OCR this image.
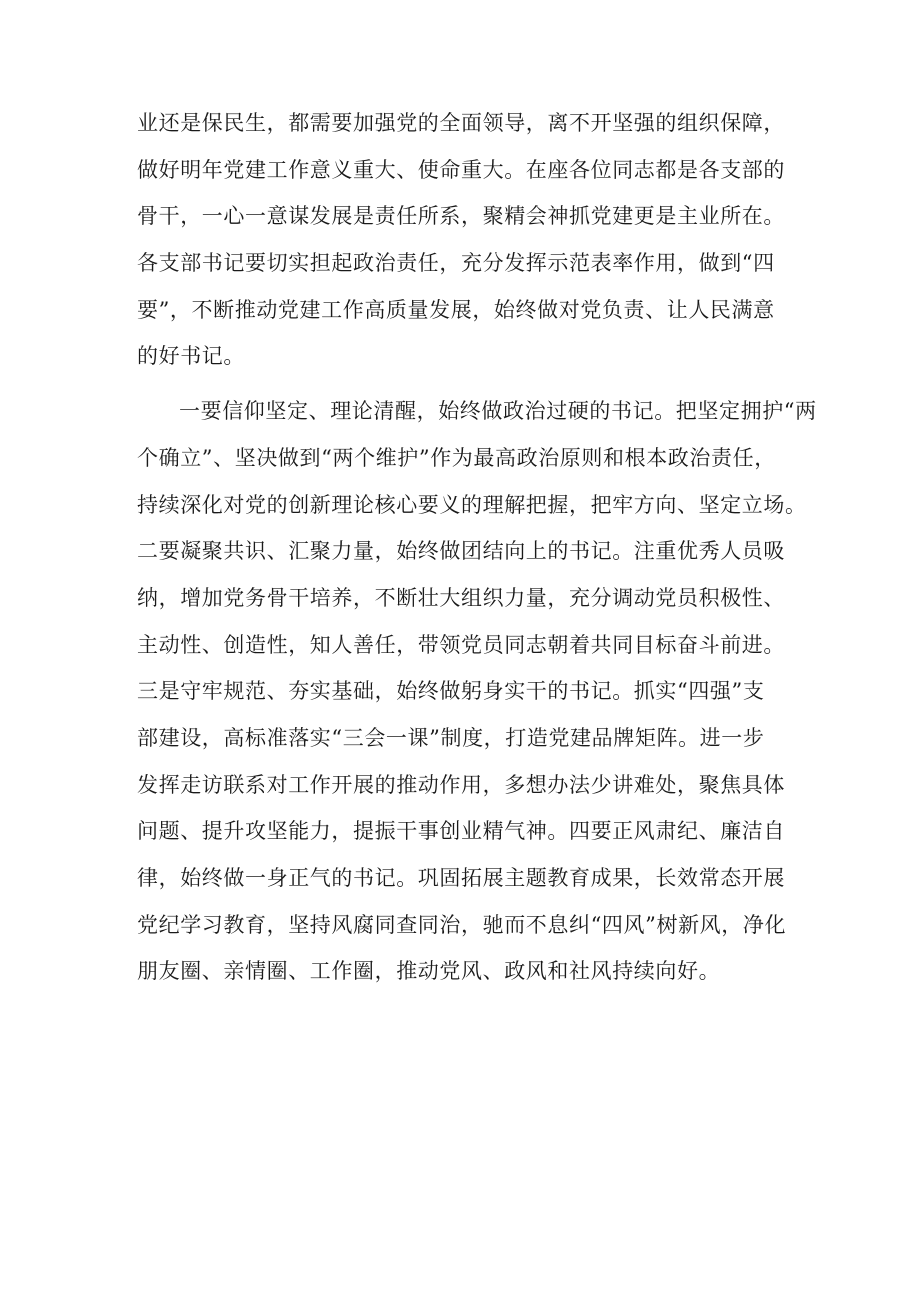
业还是保民生，都需要加强党的全面领导，离不开坚强的组织保障，
做好明年党建工作意义重大、使命重大。在座各位同志都是各支部的
骨干，一心一意谋发展是责任所系，聚精会神抓党建更是主业所在。
各支部书记要切实担起政治责任，充分发挥示范表率作用，做到“四
要”，不断推动党建工作高质量发展，始终做对党负责、让人民满意
的好书记。
一要信仰坚定、理论清醒，始终做政治过硬的书记。把坚定拥护“两
个确立”、坚决做到“两个维护”作为最高政治原则和根本政治责任，
持续深化对党的创新理论核心要义的理解把握，把牢方向、坚定立场。
二要凝聚共识、汇聚力量，始终做团结向上的书记。注重优秀人员吸
纳，增加党务骨干培养，不断壮大组织力量，充分调动党员积极性、
主动性、创造性，知人善任，带领党员同志朝着共同目标奋斗前进。
三是守牢规范、夯实基础，始终做躬身实干的书记。抓实“四强”支
部建设，高标准落实“三会一课”制度，打造党建品牌矩阵。进一步
发挥走访联系对工作开展的推动作用，多想办法少讲难处，聚焦具体
问题、提升攻坚能力，提振干事创业精气神。四要正风肃纪、廉洁自
律，始终做一身正气的书记。巩固拓展主题教育成果，长效常态开展
党纪学习教育，坚持风腐同查同治，驰而不息纠“四风”树新风，净化
朋友圈、亲情圈、工作圈，推动党风、政风和社风持续向好。
